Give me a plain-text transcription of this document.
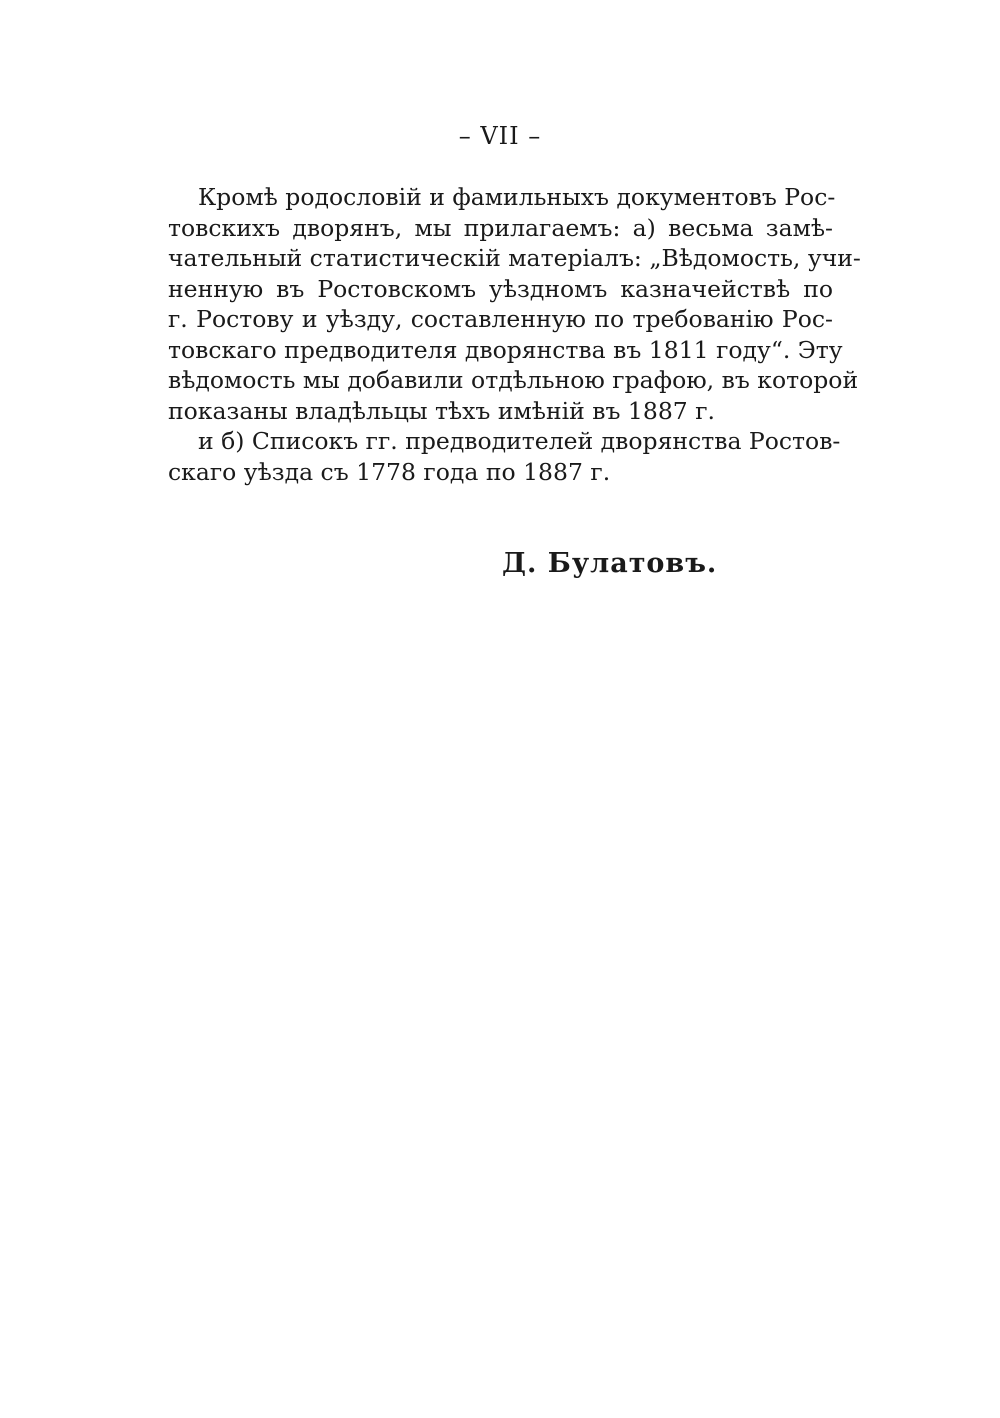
– VII –
Кромѣ родословій и фамильныхъ документовъ Рос-
товскихъ дворянъ, мы прилагаемъ: а) весьма замѣ-
чательный статистическій матеріалъ: „Вѣдомость, учи-
ненную въ Ростовскомъ уѣздномъ казначействѣ по
г. Ростову и уѣзду, составленную по требованію Рос-
товскаго предводителя дворянства въ 1811 году“. Эту
вѣдомость мы добавили отдѣльною графою, въ которой
показаны владѣльцы тѣхъ имѣній въ 1887 г.
и б) Списокъ гг. предводителей дворянства Ростов-
скаго уѣзда съ 1778 года по 1887 г.
Д. Булатовъ.
